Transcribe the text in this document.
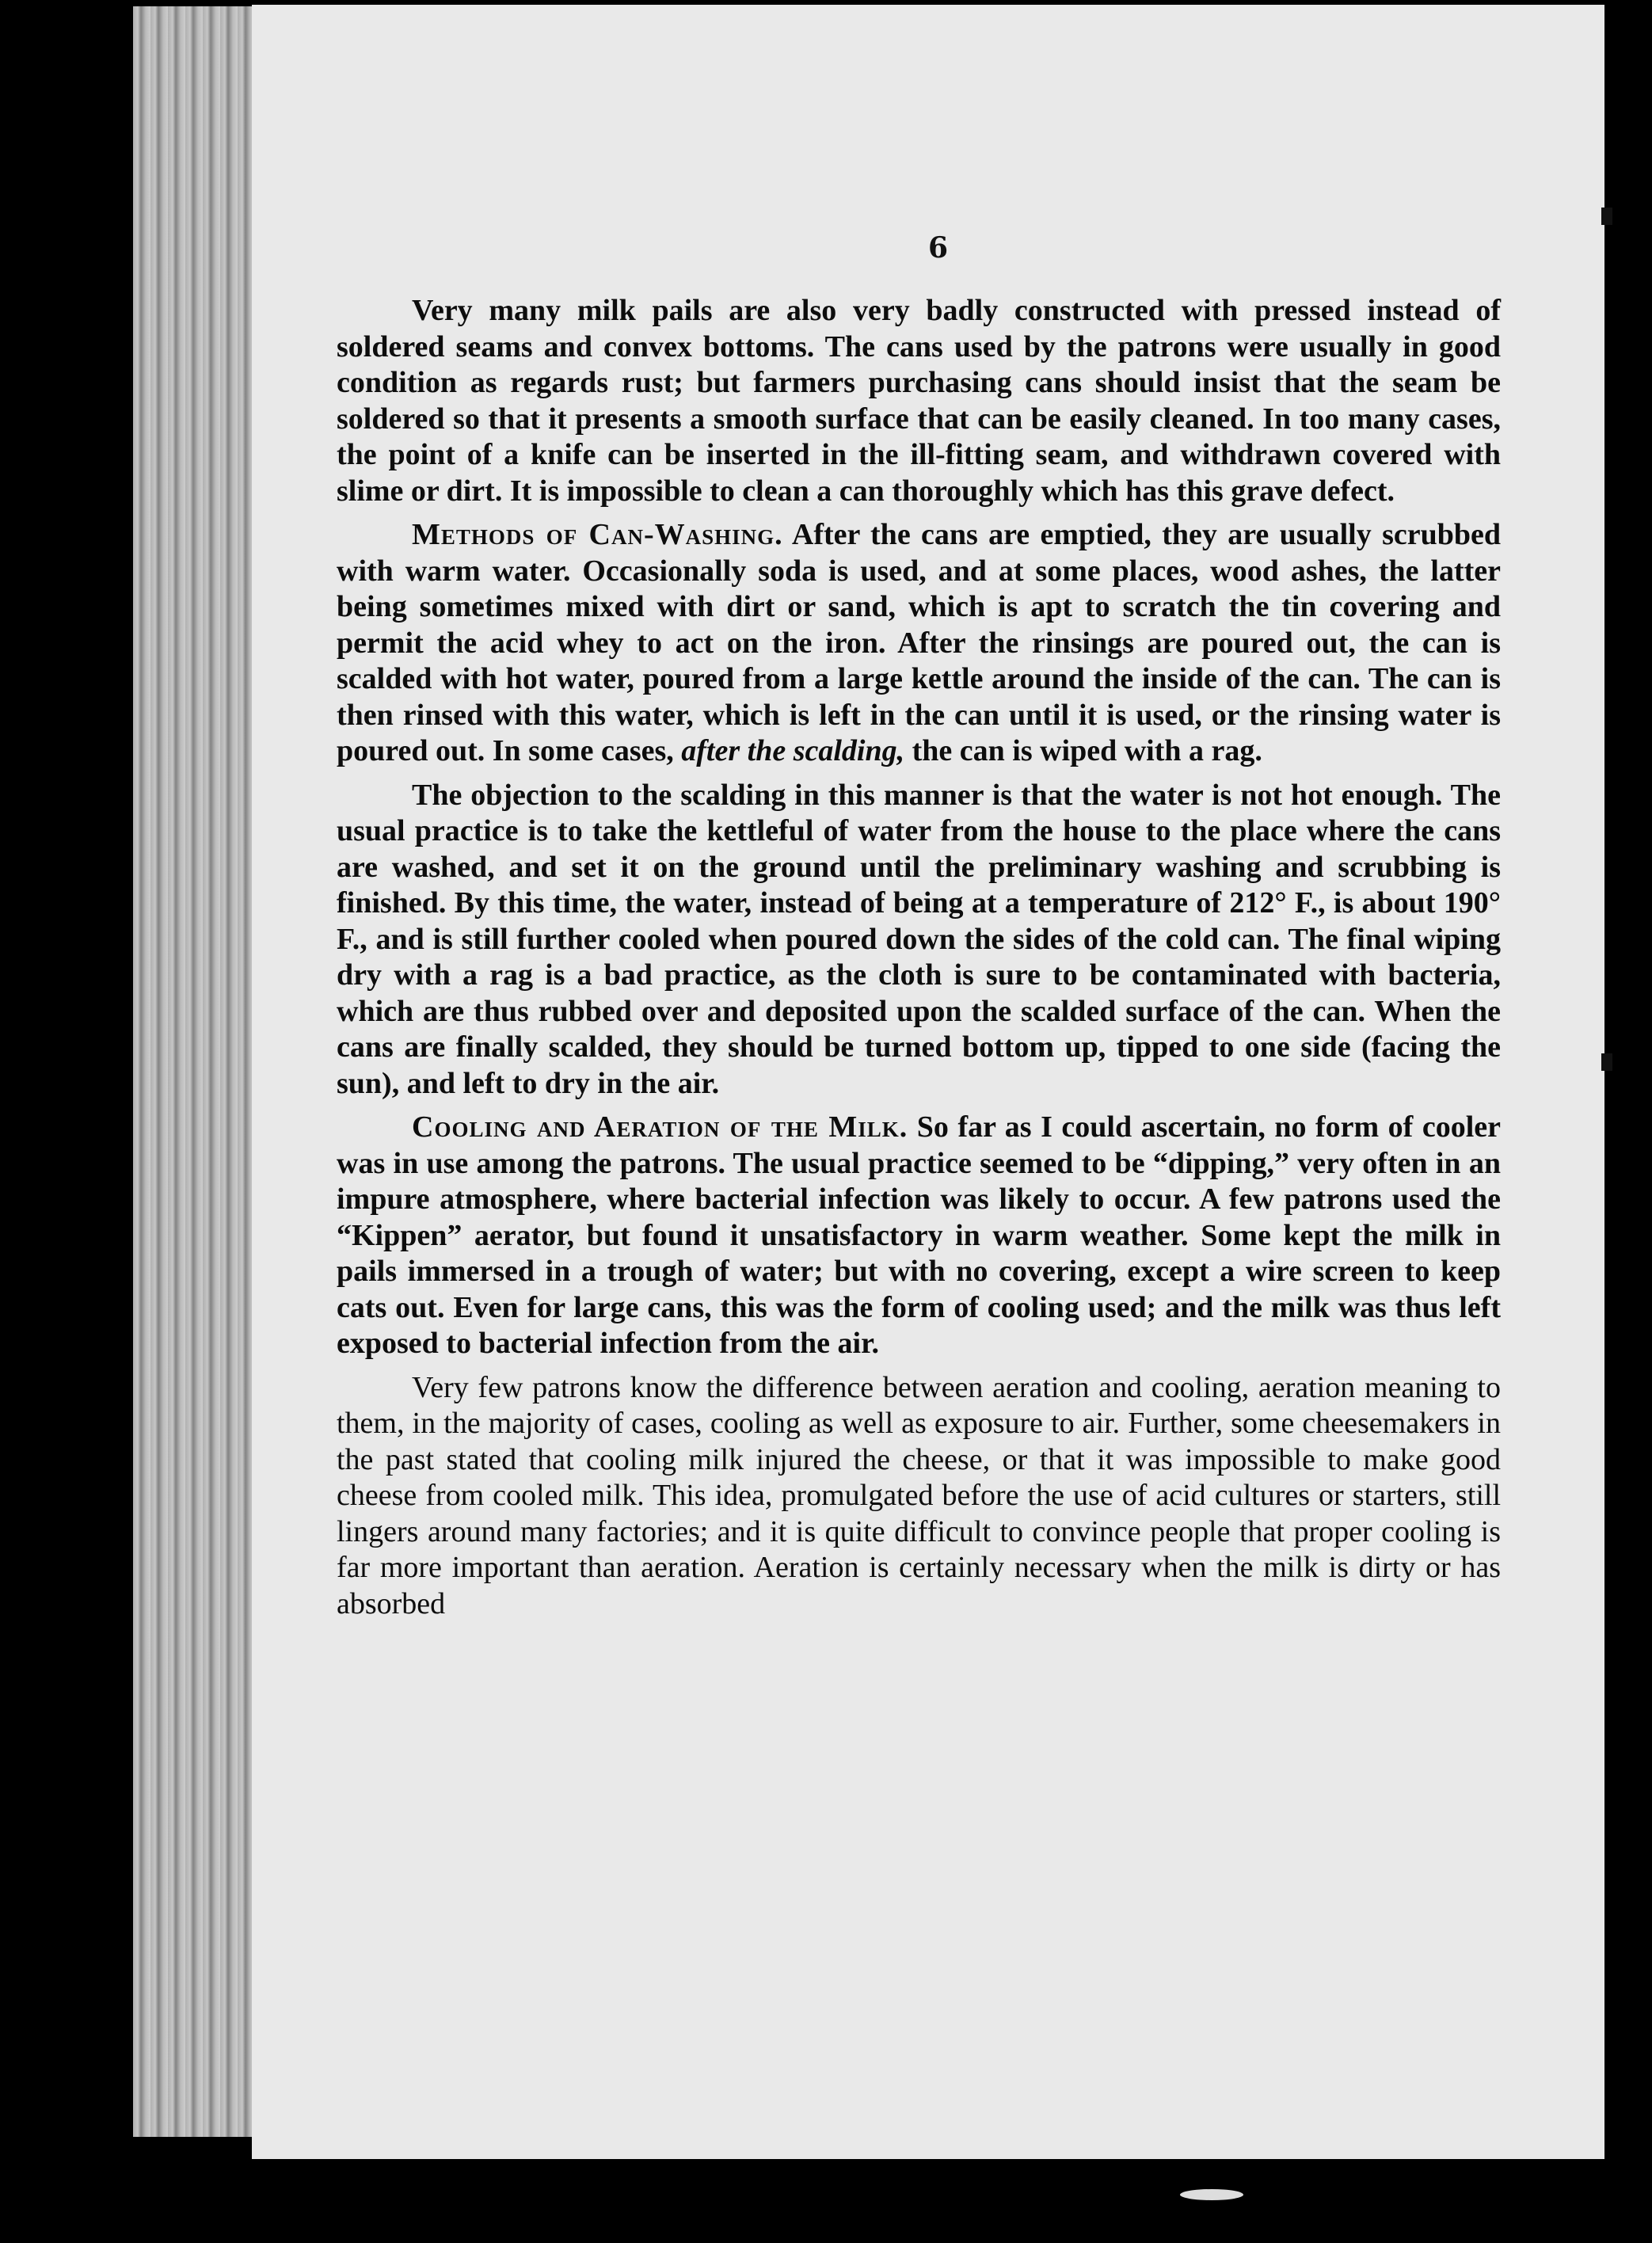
6

Very many milk pails are also very badly constructed with pressed instead of soldered seams and convex bottoms. The cans used by the patrons were usually in good condition as regards rust; but farmers purchasing cans should insist that the seam be soldered so that it presents a smooth surface that can be easily cleaned. In too many cases, the point of a knife can be inserted in the ill-fitting seam, and withdrawn covered with slime or dirt. It is impossible to clean a can thoroughly which has this grave defect.

Methods of Can-Washing. After the cans are emptied, they are usually scrubbed with warm water. Occasionally soda is used, and at some places, wood ashes, the latter being sometimes mixed with dirt or sand, which is apt to scratch the tin covering and permit the acid whey to act on the iron. After the rinsings are poured out, the can is scalded with hot water, poured from a large kettle around the inside of the can. The can is then rinsed with this water, which is left in the can until it is used, or the rinsing water is poured out. In some cases, after the scalding, the can is wiped with a rag.

The objection to the scalding in this manner is that the water is not hot enough. The usual practice is to take the kettleful of water from the house to the place where the cans are washed, and set it on the ground until the preliminary washing and scrubbing is finished. By this time, the water, instead of being at a temperature of 212° F., is about 190° F., and is still further cooled when poured down the sides of the cold can. The final wiping dry with a rag is a bad practice, as the cloth is sure to be contaminated with bacteria, which are thus rubbed over and deposited upon the scalded surface of the can. When the cans are finally scalded, they should be turned bottom up, tipped to one side (facing the sun), and left to dry in the air.

Cooling and Aeration of the Milk. So far as I could ascertain, no form of cooler was in use among the patrons. The usual practice seemed to be “dipping,” very often in an impure atmosphere, where bacterial infection was likely to occur. A few patrons used the “Kippen” aerator, but found it unsatisfactory in warm weather. Some kept the milk in pails immersed in a trough of water; but with no covering, except a wire screen to keep cats out. Even for large cans, this was the form of cooling used; and the milk was thus left exposed to bacterial infection from the air.

Very few patrons know the difference between aeration and cooling, aeration meaning to them, in the majority of cases, cooling as well as exposure to air. Further, some cheesemakers in the past stated that cooling milk injured the cheese, or that it was impossible to make good cheese from cooled milk. This idea, promulgated before the use of acid cultures or starters, still lingers around many factories; and it is quite difficult to convince people that proper cooling is far more important than aeration. Aeration is certainly necessary when the milk is dirty or has absorbed
